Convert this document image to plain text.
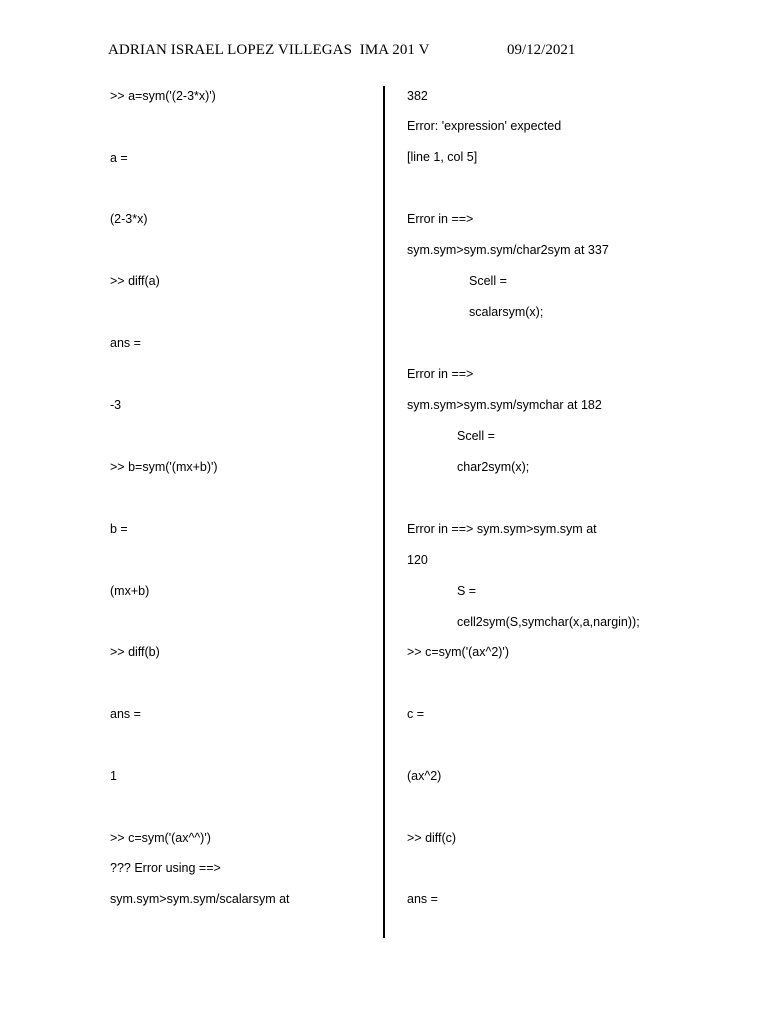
ADRIAN ISRAEL LOPEZ VILLEGAS  IMA 201 V	09/12/2021
>> a=sym('(2-3*x)')
a =
(2-3*x)
>> diff(a)
ans =
-3
>> b=sym('(mx+b)')
b =
(mx+b)
>> diff(b)
ans =
1
>> c=sym('(ax^^)')
??? Error using ==>
sym.sym>sym.sym/scalarsym at
382
Error: 'expression' expected
[line 1, col 5]
Error in ==>
sym.sym>sym.sym/char2sym at 337
Scell =
scalarsym(x);
Error in ==>
sym.sym>sym.sym/symchar at 182
Scell =
char2sym(x);
Error in ==> sym.sym>sym.sym at
120
S =
cell2sym(S,symchar(x,a,nargin));
>> c=sym('(ax^2)')
c =
(ax^2)
>> diff(c)
ans =
